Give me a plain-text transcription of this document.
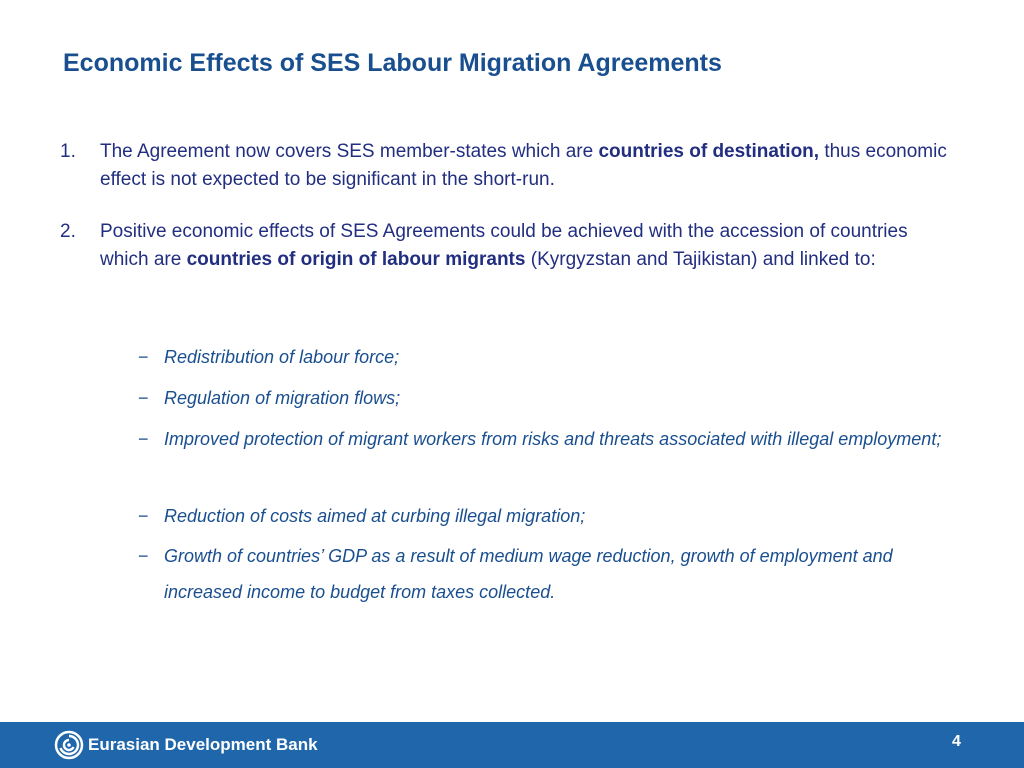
Economic Effects of SES Labour Migration Agreements
1.	The Agreement now covers SES member-states which are countries of destination, thus economic effect is not expected to be significant in the short-run.
2.	Positive economic effects of SES Agreements could be achieved with the accession of countries which are countries of origin of labour migrants (Kyrgyzstan and Tajikistan) and linked to:
− Redistribution of labour force;
− Regulation of migration flows;
− Improved protection of migrant workers from risks and threats associated with illegal employment;
− Reduction of costs aimed at curbing illegal migration;
− Growth of countries’ GDP as a result of medium wage reduction, growth of employment and increased income to budget from taxes collected.
Eurasian Development Bank	4
